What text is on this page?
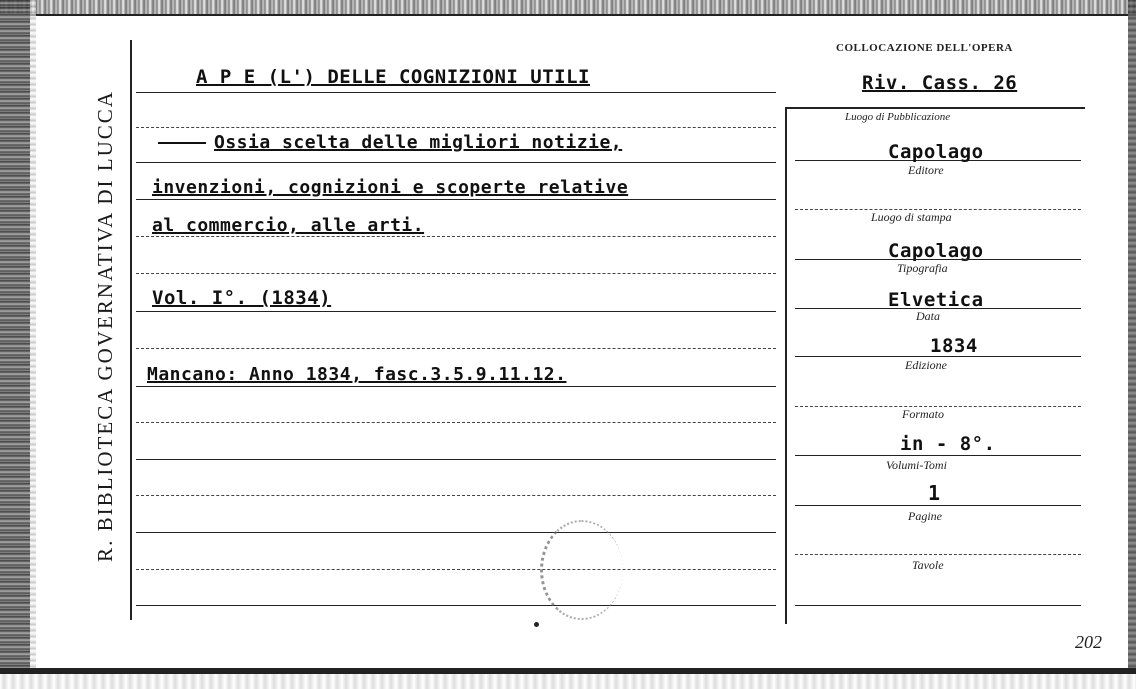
R. BIBLIOTECA GOVERNATIVA DI LUCCA
A P E (L') DELLE COGNIZIONI UTILI
Ossia scelta delle migliori notizie,
invenzioni, cognizioni e scoperte relative
al commercio, alle arti.
Vol. I°. (1834)
Mancano: Anno 1834, fasc.3.5.9.11.12.
COLLOCAZIONE DELL'OPERA
Riv. Cass. 26
Luogo di Pubblicazione
Capolago
Editore
Luogo di stampa
Capolago
Tipografia
Elvetica
Data
1834
Edizione
Formato
in - 8°.
Volumi-Tomi
1
Pagine
Tavole
202
